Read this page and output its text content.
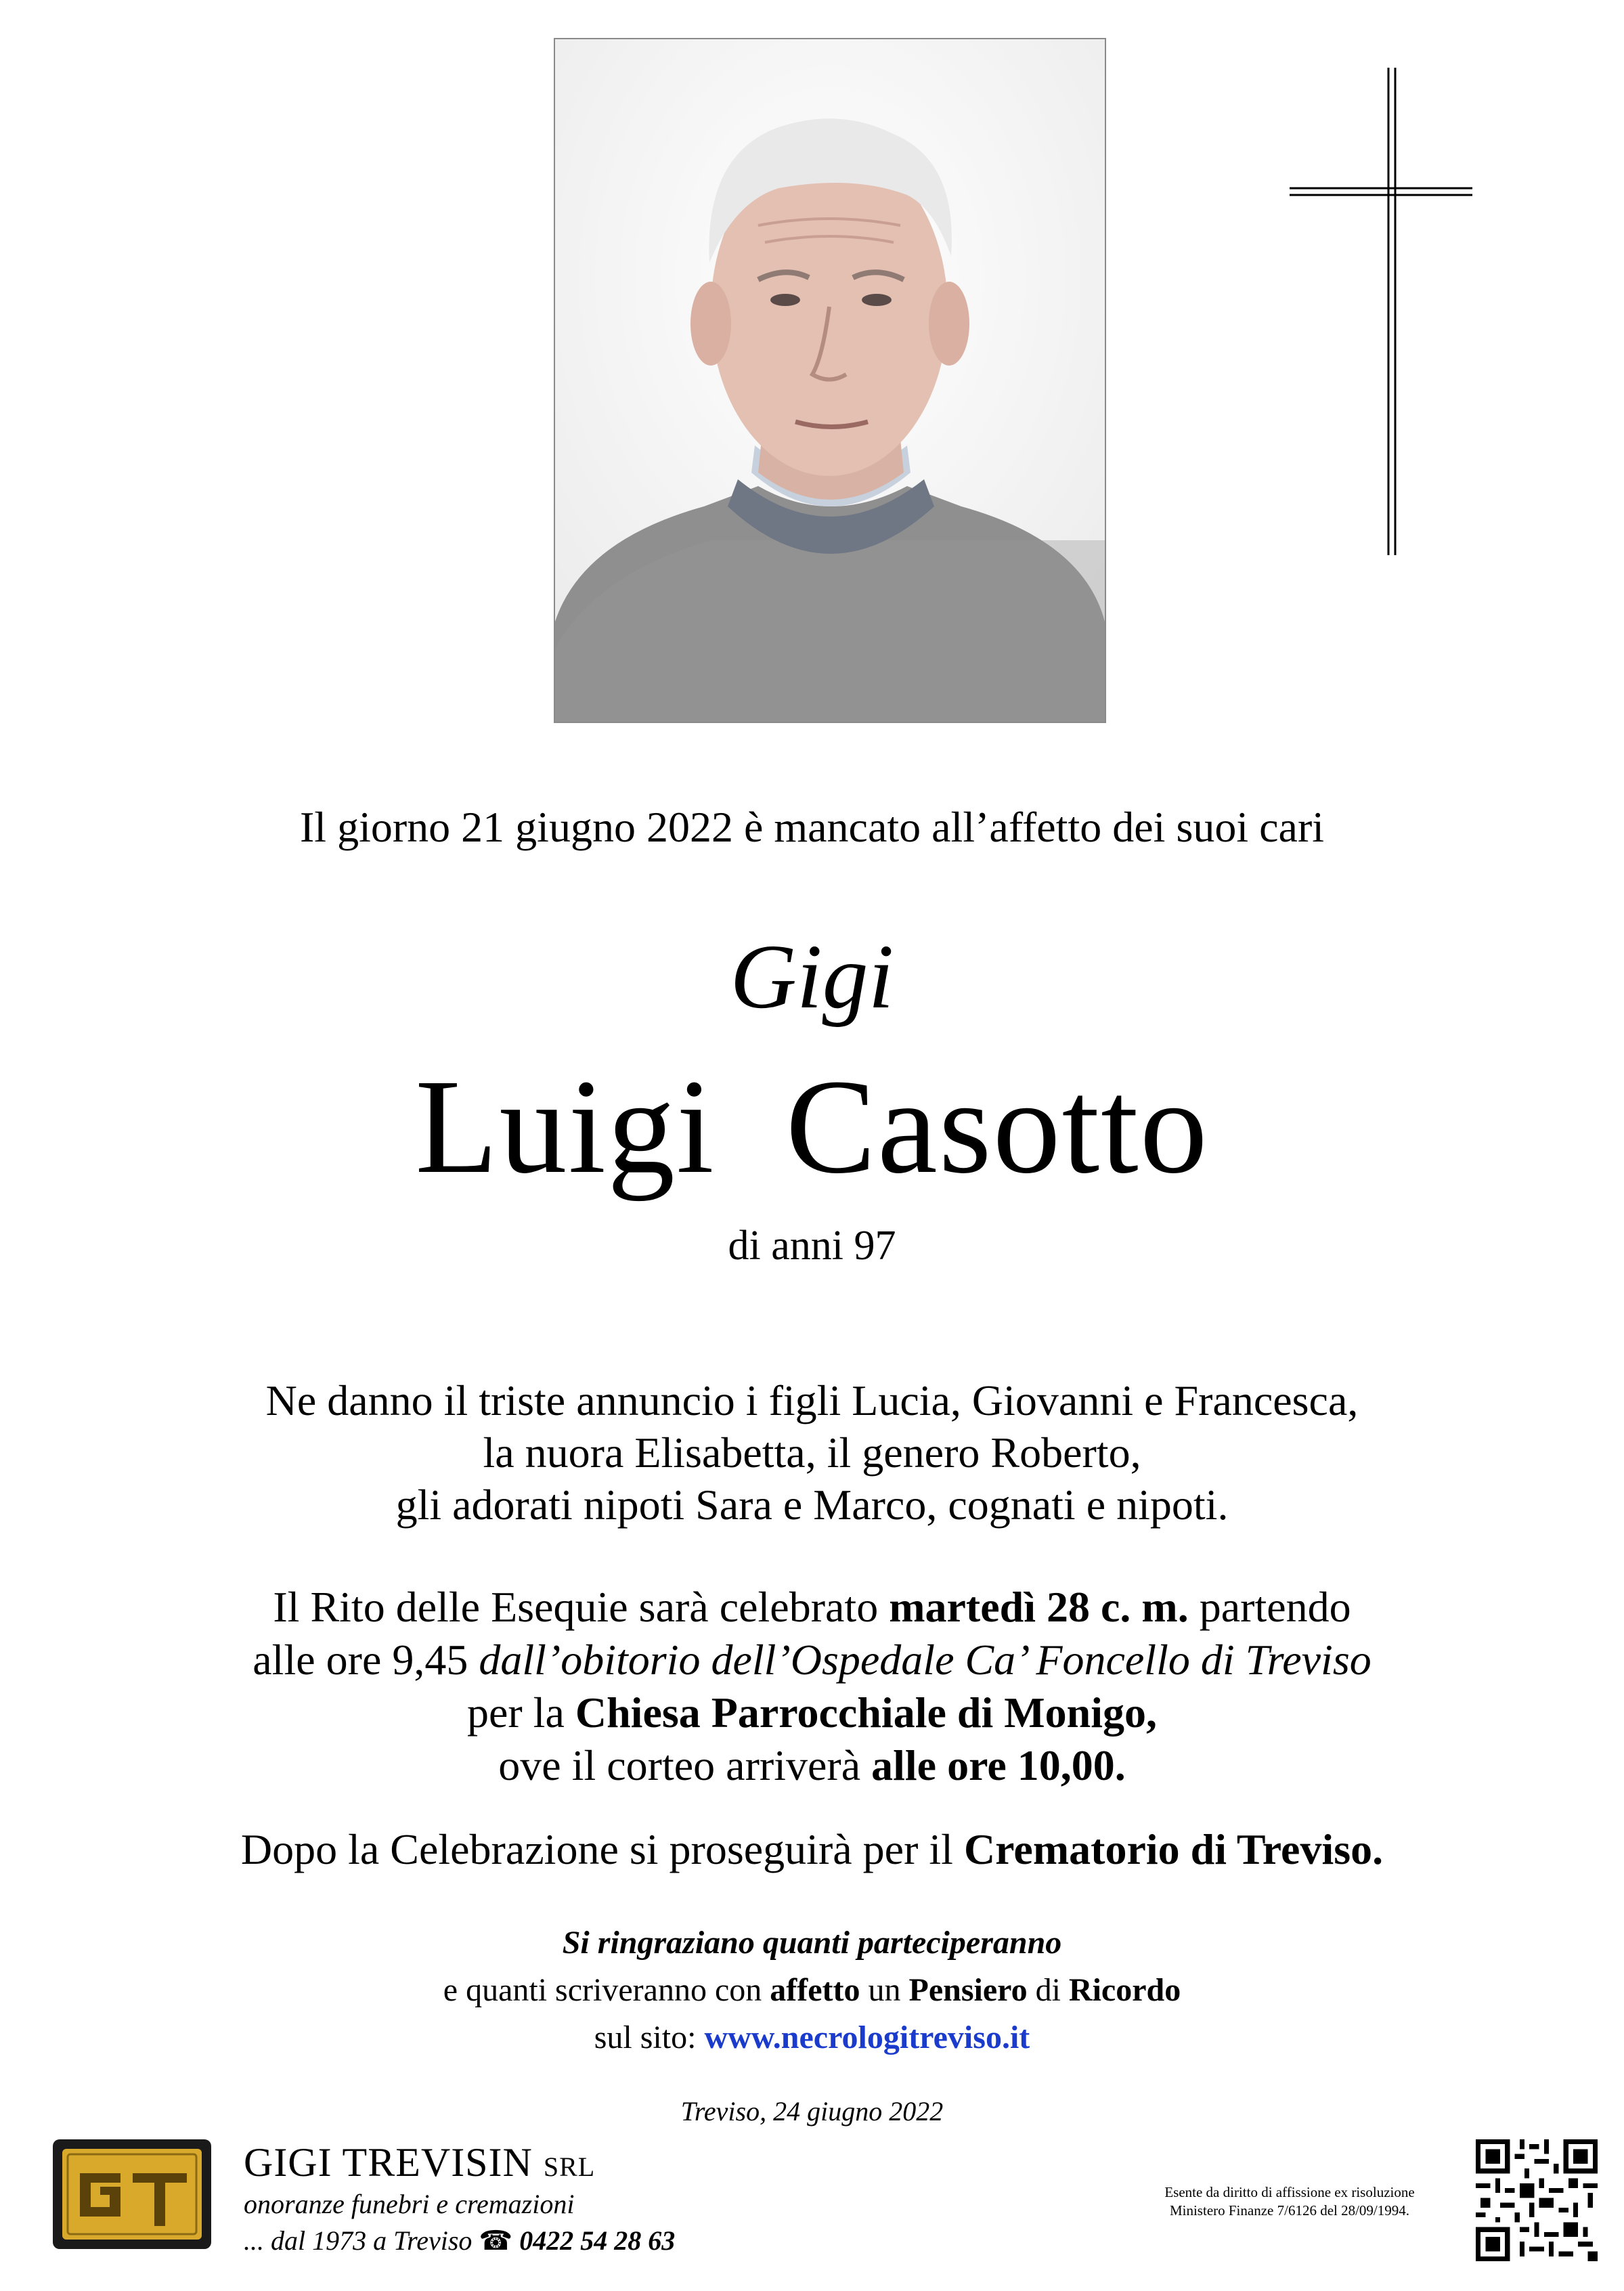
Il giorno 21 giugno 2022 è mancato all’affetto dei suoi cari
Gigi
Luigi  Casotto
di anni 97
Ne danno il triste annuncio i figli Lucia, Giovanni e Francesca,
la nuora Elisabetta, il genero Roberto,
gli adorati nipoti Sara e Marco, cognati e nipoti.
Il Rito delle Esequie sarà celebrato martedì 28 c. m. partendo
alle ore 9,45 dall’obitorio dell’Ospedale Ca’ Foncello di Treviso
per la Chiesa Parrocchiale di Monigo,
ove il corteo arriverà alle ore 10,00.
Dopo la Celebrazione si proseguirà per il Crematorio di Treviso.
Si ringraziano quanti parteciperanno
e quanti scriveranno con affetto un Pensiero di Ricordo
sul sito: www.necrologitreviso.it
Treviso, 24 giugno 2022
GIGI TREVISIN SRL
onoranze funebri e cremazioni
... dal 1973 a Treviso ☎ 0422 54 28 63
Esente da diritto di affissione ex risoluzione
Ministero Finanze 7/6126 del 28/09/1994.
